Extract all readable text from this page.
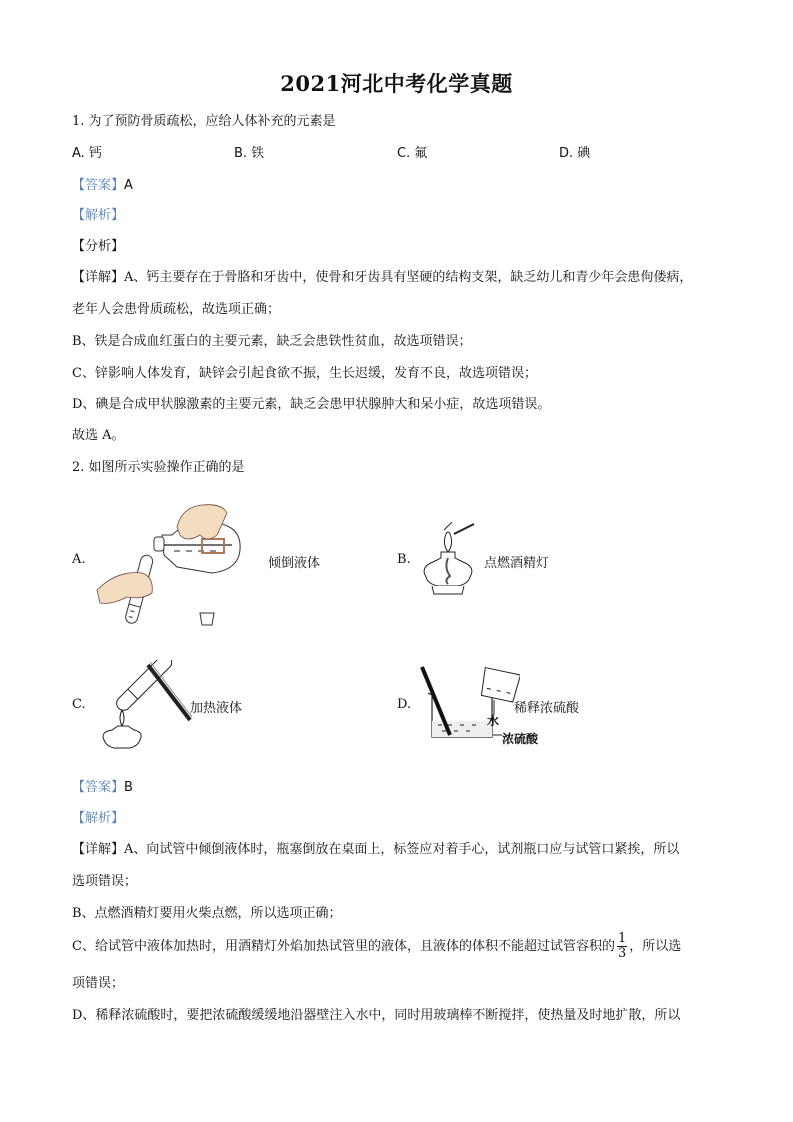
2021河北中考化学真题
1. 为了预防骨质疏松，应给人体补充的元素是
A. 钙	B. 铁	C. 氟	D. 碘
【答案】A
【解析】
【分析】
【详解】A、钙主要存在于骨胳和牙齿中，使骨和牙齿具有坚硬的结构支架，缺乏幼儿和青少年会患佝偻病，
老年人会患骨质疏松，故选项正确；
B、铁是合成血红蛋白的主要元素，缺乏会患铁性贫血，故选项错误；
C、锌影响人体发育，缺锌会引起食欲不振，生长迟缓，发育不良，故选项错误；
D、碘是合成甲状腺激素的主要元素，缺乏会患甲状腺肿大和呆小症，故选项错误。
故选 A。
2. 如图所示实验操作正确的是
A.	倾倒液体	B.	点燃酒精灯
C.	加热液体	D.
水
浓硫酸
稀释浓硫酸
【答案】B
【解析】
【详解】A、向试管中倾倒液体时，瓶塞倒放在桌面上，标签应对着手心，试剂瓶口应与试管口紧挨，所以
选项错误；
B、点燃酒精灯要用火柴点燃，所以选项正确；
C、给试管中液体加热时，用酒精灯外焰加热试管里的液体，且液体的体积不能超过试管容积的 $\frac{1}{3}$ ，所以选
项错误；
D、稀释浓硫酸时，要把浓硫酸缓缓地沿器壁注入水中，同时用玻璃棒不断搅拌，使热量及时地扩散，所以
